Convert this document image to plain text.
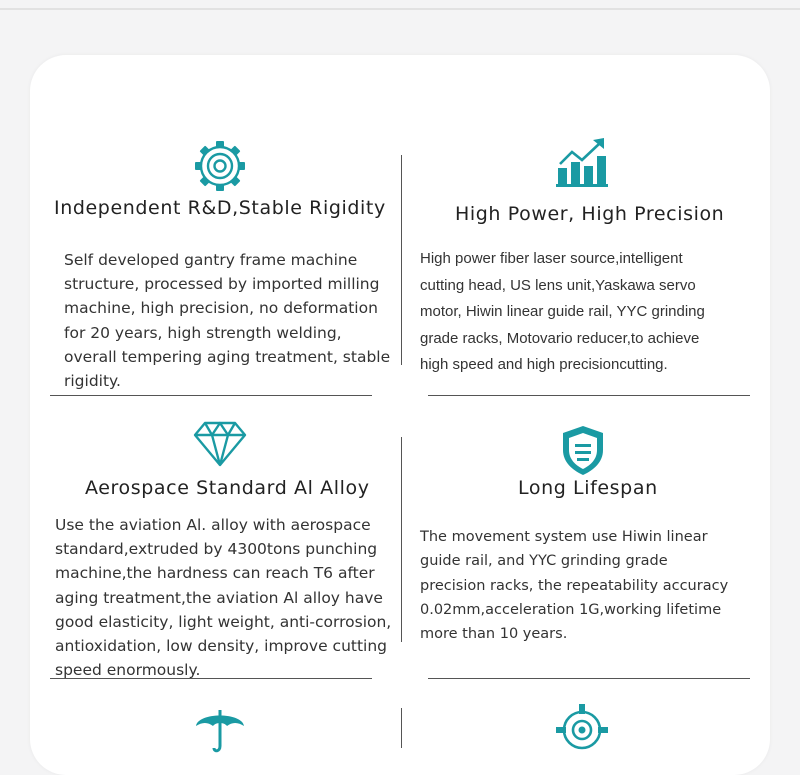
Independent R&D,Stable Rigidity
Self developed gantry frame machine
structure, processed by imported milling
machine, high precision, no deformation
for 20 years, high strength welding,
overall tempering aging treatment, stable
rigidity.
High Power, High Precision
High power fiber laser source,intelligent
cutting head, US lens unit,Yaskawa servo
motor, Hiwin linear guide rail, YYC grinding
grade racks, Motovario reducer,to achieve
high speed and high precisioncutting.
Aerospace Standard Al Alloy
Use the aviation Al. alloy with aerospace
standard,extruded by 4300tons punching
machine,the hardness can reach T6 after
aging treatment,the aviation Al alloy have
good elasticity, light weight, anti-corrosion,
antioxidation, low density, improve cutting
speed enormously.
Long Lifespan
The movement system use Hiwin linear
guide rail, and YYC grinding grade
precision racks, the repeatability accuracy
0.02mm,acceleration 1G,working lifetime
more than 10 years.
